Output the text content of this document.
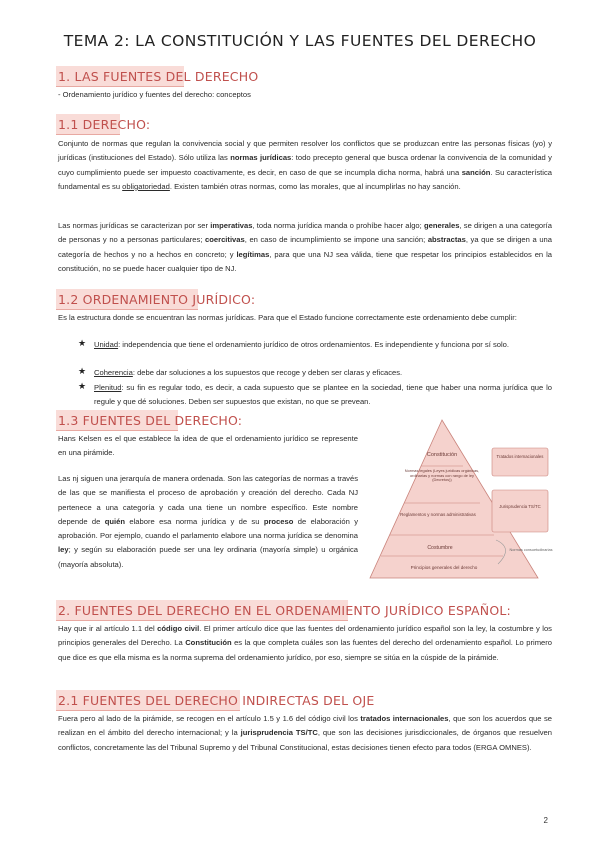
TEMA 2: LA CONSTITUCIÓN Y LAS FUENTES DEL DERECHO
1. LAS FUENTES DEL DERECHO
- Ordenamiento jurídico y fuentes del derecho: conceptos
1.1 DERECHO:

Conjunto de normas que regulan la convivencia social y que permiten resolver los conflictos que se produzcan entre las personas físicas (yo) y jurídicas (instituciones del Estado). Sólo utiliza las normas jurídicas: todo precepto general que busca ordenar la convivencia de la comunidad y cuyo cumplimiento puede ser impuesto coactivamente, es decir, en caso de que se incumpla dicha norma, habrá una sanción. Su característica fundamental es su obligatoriedad. Existen también otras normas, como las morales, que al incumplirlas no hay sanción.

Las normas jurídicas se caracterizan por ser imperativas, toda norma jurídica manda o prohíbe hacer algo; generales, se dirigen a una categoría de personas y no a personas particulares; coercitivas, en caso de incumplimiento se impone una sanción; abstractas, ya que se dirigen a una categoría de hechos y no a hechos en concreto; y legítimas, para que una NJ sea válida, tiene que respetar los principios establecidos en la constitución, no se puede hacer cualquier tipo de NJ.

1.2 ORDENAMIENTO JURÍDICO:
Es la estructura donde se encuentran las normas jurídicas. Para que el Estado funcione correctamente este ordenamiento debe cumplir:
★ Unidad: independencia que tiene el ordenamiento jurídico de otros ordenamientos. Es independiente y funciona por sí solo.
★ Coherencia: debe dar soluciones a los supuestos que recoge y deben ser claras y eficaces.
★ Plenitud: su fin es regular todo, es decir, a cada supuesto que se plantee en la sociedad, tiene que haber una norma jurídica que lo regule y que dé soluciones. Deben ser supuestos que existan, no que se prevean.
1.3 FUENTES DEL DERECHO:

Hans Kelsen es el que establece la idea de que el ordenamiento jurídico se represente en una pirámide.

Las nj siguen una jerarquía de manera ordenada. Son las categorías de normas a través de las que se manifiesta el proceso de aprobación y creación del derecho. Cada NJ pertenece a una categoría y cada una tiene un nombre específico. Este nombre depende de quién elabore esa norma jurídica y de su proceso de elaboración y aprobación. Por ejemplo, cuando el parlamento elabore una norma jurídica se denomina ley; y según su elaboración puede ser una ley ordinaria (mayoría simple) u orgánica (mayoría absoluta).

Constitución
Normas legales (Leyes jurídicas orgánicas, ordinarias y normas con rango de ley (Decretos))
Reglamentos y normas administrativas
Costumbre
Principios generales del derecho
Tratados internacionales
Jurisprudencia TS/TC
Normas consuetudinarias
2. FUENTES DEL DERECHO EN EL ORDENAMIENTO JURÍDICO ESPAÑOL:

Hay que ir al artículo 1.1 del código civil. El primer artículo dice que las fuentes del ordenamiento jurídico español son la ley, la costumbre y los principios generales del Derecho. La Constitución es la que completa cuáles son las fuentes del derecho del ordenamiento español. Lo primero que dice es que ella misma es la norma suprema del ordenamiento jurídico, por eso, siempre se sitúa en la cúspide de la pirámide.

2.1 FUENTES DEL DERECHO INDIRECTAS DEL OJE

Fuera pero al lado de la pirámide, se recogen en el artículo 1.5 y 1.6 del código civil los tratados internacionales, que son los acuerdos que se realizan en el ámbito del derecho internacional; y la jurisprudencia TS/TC, que son las decisiones jurisdiccionales, de órganos que resuelven conflictos, concretamente las del Tribunal Supremo y del Tribunal Constitucional, estas decisiones tienen efecto para todos (ERGA OMNES).

2
